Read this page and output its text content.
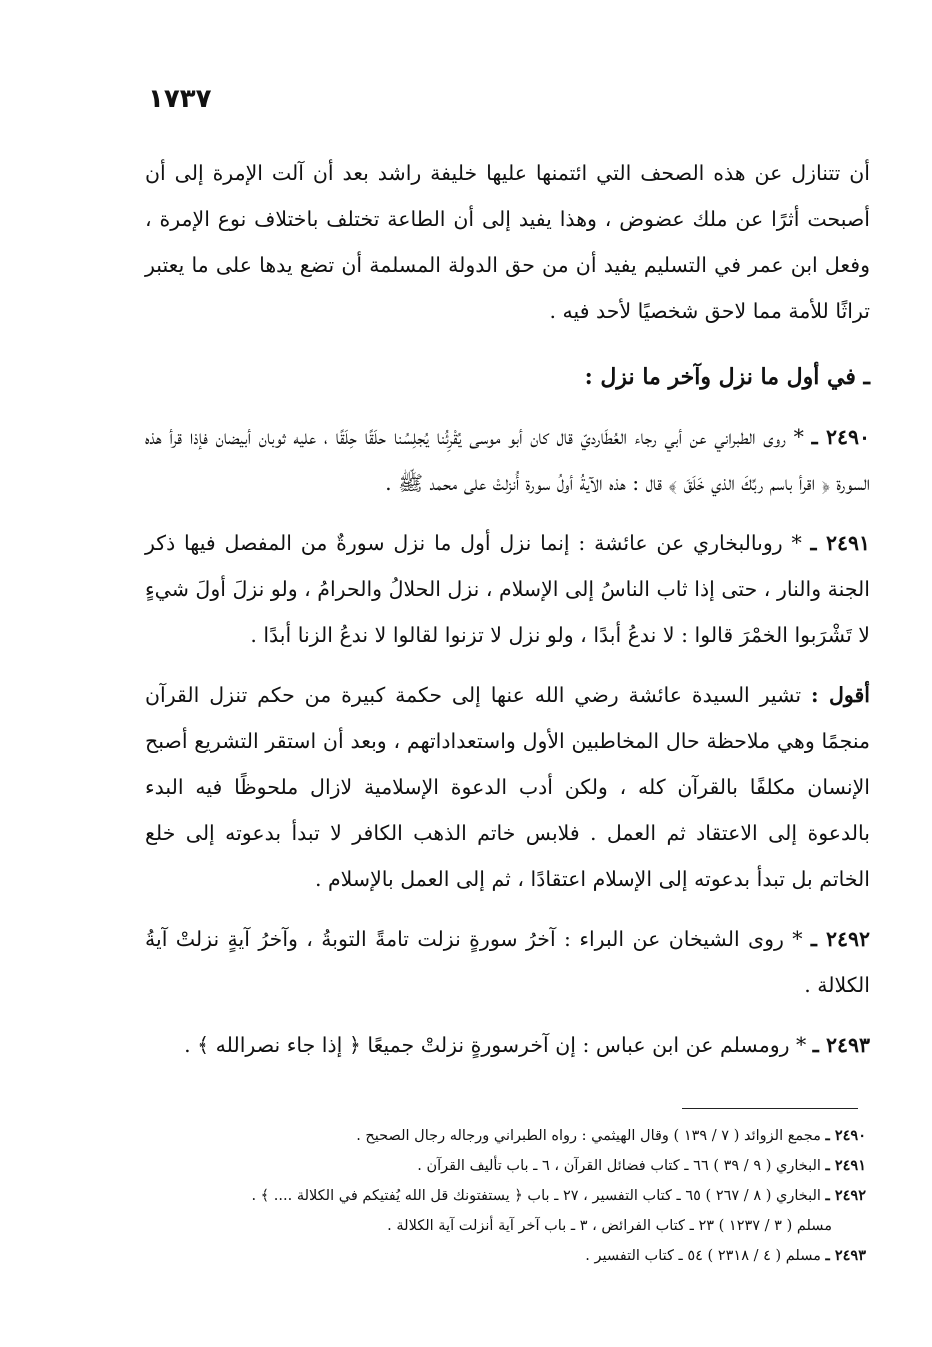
١٧٣٧

أن تتنازل عن هذه الصحف التي ائتمنها عليها خليفة راشد بعد أن آلت الإمرة إلى أن أصبحت أثرًا عن ملك عضوض ، وهذا يفيد إلى أن الطاعة تختلف باختلاف نوع الإمرة ، وفعل ابن عمر في التسليم يفيد أن من حق الدولة المسلمة أن تضع يدها على ما يعتبر تراثًا للأمة مما لاحق شخصيًا لأحد فيه .

ـ في أول ما نزل وآخر ما نزل :

٢٤٩٠ ـ * روى الطبراني عن أبي رجاء العُطَارديّ قال كان أبو موسى يُقْرِئُنا يُجلِسُنا حلَقًا حِلَقًا ، عليه ثوبان أبيضان فإذا قرأ هذه السورة ﴿ اقرأ باسم ربِّكَ الذي خَلَقَ ﴾ قال : هذه الآيةُ أولُ سورة أُنزلتْ على محمد ﷺ .

٢٤٩١ ـ * روىالبخاري عن عائشة : إنما نزل أول ما نزل سورةٌ من المفصل فيها ذكر الجنة والنار ، حتى إذا ثاب الناسُ إلى الإسلام ، نزل الحلالُ والحرامُ ، ولو نزلَ أولَ شيءٍ لا تَشْرَبوا الخمْرَ قالوا : لا ندعُ أبدًا ، ولو نزل لا تزنوا لقالوا لا ندعُ الزنا أبدًا .

أقول : تشير السيدة عائشة رضي الله عنها إلى حكمة كبيرة من حكم تنزل القرآن منجمًا وهي ملاحظة حال المخاطبين الأول واستعداداتهم ، وبعد أن استقر التشريع أصبح الإنسان مكلفًا بالقرآن كله ، ولكن أدب الدعوة الإسلامية لازال ملحوظًا فيه البدء بالدعوة إلى الاعتقاد ثم العمل . فلابس خاتم الذهب الكافر لا تبدأ بدعوته إلى خلع الخاتم بل تبدأ بدعوته إلى الإسلام اعتقادًا ، ثم إلى العمل بالإسلام .

٢٤٩٢ ـ * روى الشيخان عن البراء : آخرُ سورةٍ نزلت تامةً التوبةُ ، وآخرُ آيةٍ نزلتْ آيةُ الكلالة .

٢٤٩٣ ـ * رومسلم عن ابن عباس : إن آخرسورةٍ نزلتْ جميعًا ﴿ إذا جاء نصرالله ﴾ .

٢٤٩٠ ـ مجمع الزوائد ( ٧ / ١٣٩ ) وقال الهيثمي : رواه الطبراني ورجاله رجال الصحيح .

٢٤٩١ ـ البخاري ( ٩ / ٣٩ ) ٦٦ ـ كتاب فضائل القرآن ، ٦ ـ باب تأليف القرآن .

٢٤٩٢ ـ البخاري ( ٨ / ٢٦٧ ) ٦٥ ـ كتاب التفسير ، ٢٧ ـ باب ﴿ يستفتونك قل الله يُفتيكم في الكلالة .... ﴾ .

مسلم ( ٣ / ١٢٣٧ ) ٢٣ ـ كتاب الفرائض ، ٣ ـ باب آخر آية أنزلت آية الكلالة .

٢٤٩٣ ـ مسلم ( ٤ / ٢٣١٨ ) ٥٤ ـ كتاب التفسير .
